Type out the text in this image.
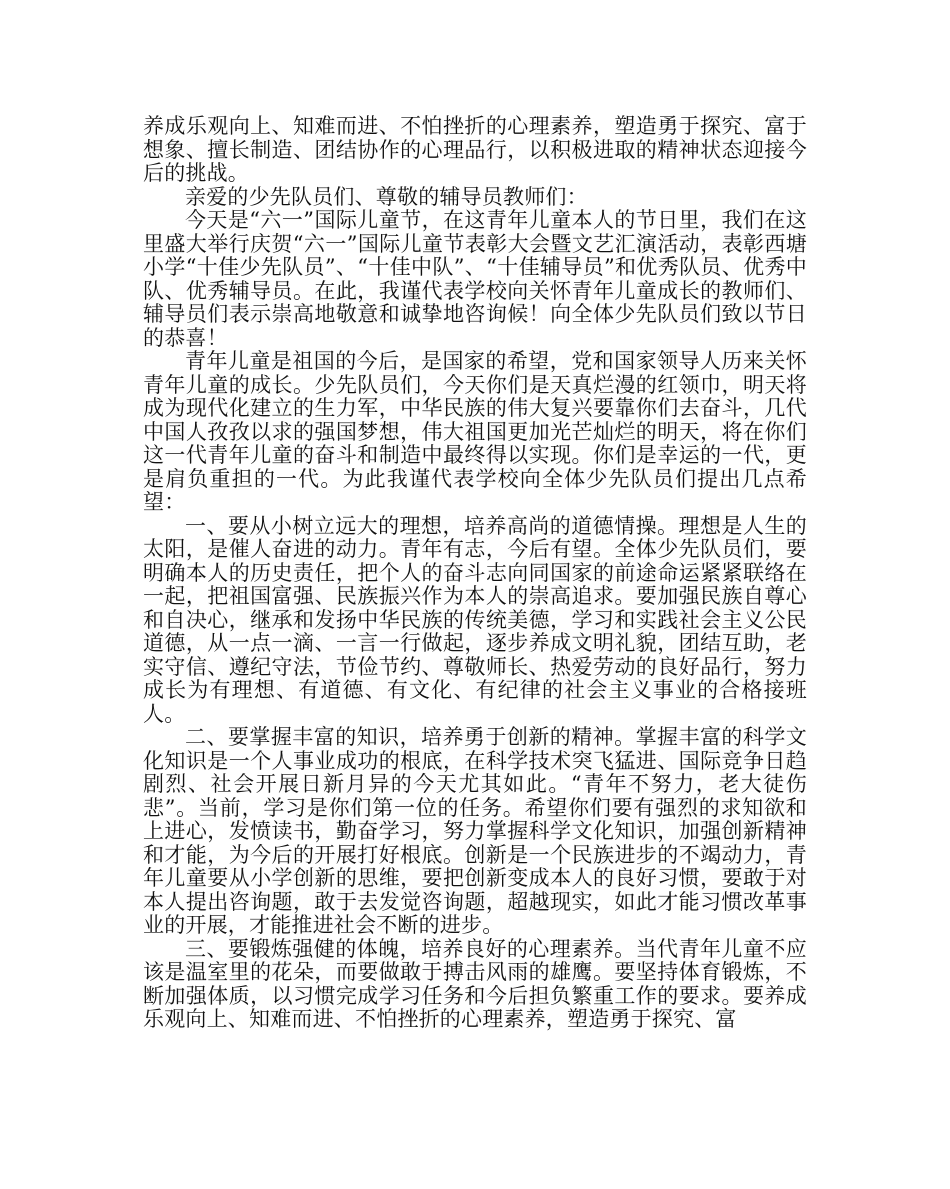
养成乐观向上、知难而进、不怕挫折的心理素养，塑造勇于探究、富于想象、擅长制造、团结协作的心理品行，以积极进取的精神状态迎接今后的挑战。

亲爱的少先队员们、尊敬的辅导员教师们：

今天是“六一”国际儿童节，在这青年儿童本人的节日里，我们在这里盛大举行庆贺“六一”国际儿童节表彰大会暨文艺汇演活动，表彰西塘小学“十佳少先队员”、“十佳中队”、“十佳辅导员”和优秀队员、优秀中队、优秀辅导员。在此，我谨代表学校向关怀青年儿童成长的教师们、辅导员们表示崇高地敬意和诚挚地咨询候！向全体少先队员们致以节日的恭喜！

青年儿童是祖国的今后，是国家的希望，党和国家领导人历来关怀青年儿童的成长。少先队员们，今天你们是天真烂漫的红领巾，明天将成为现代化建立的生力军，中华民族的伟大复兴要靠你们去奋斗，几代中国人孜孜以求的强国梦想，伟大祖国更加光芒灿烂的明天，将在你们这一代青年儿童的奋斗和制造中最终得以实现。你们是幸运的一代，更是肩负重担的一代。为此我谨代表学校向全体少先队员们提出几点希望：

一、要从小树立远大的理想，培养高尚的道德情操。理想是人生的太阳，是催人奋进的动力。青年有志，今后有望。全体少先队员们，要明确本人的历史责任，把个人的奋斗志向同国家的前途命运紧紧联络在一起，把祖国富强、民族振兴作为本人的崇高追求。要加强民族自尊心和自决心，继承和发扬中华民族的传统美德，学习和实践社会主义公民道德，从一点一滴、一言一行做起，逐步养成文明礼貌，团结互助，老实守信、遵纪守法，节俭节约、尊敬师长、热爱劳动的良好品行，努力成长为有理想、有道德、有文化、有纪律的社会主义事业的合格接班人。

二、要掌握丰富的知识，培养勇于创新的精神。掌握丰富的科学文化知识是一个人事业成功的根底，在科学技术突飞猛进、国际竞争日趋剧烈、社会开展日新月异的今天尤其如此。“青年不努力，老大徒伤悲”。当前，学习是你们第一位的任务。希望你们要有强烈的求知欲和上进心，发愤读书，勤奋学习，努力掌握科学文化知识，加强创新精神和才能，为今后的开展打好根底。创新是一个民族进步的不竭动力，青年儿童要从小学创新的思维，要把创新变成本人的良好习惯，要敢于对本人提出咨询题，敢于去发觉咨询题，超越现实，如此才能习惯改革事业的开展，才能推进社会不断的进步。

三、要锻炼强健的体魄，培养良好的心理素养。当代青年儿童不应该是温室里的花朵，而要做敢于搏击风雨的雄鹰。要坚持体育锻炼，不断加强体质，以习惯完成学习任务和今后担负繁重工作的要求。要养成乐观向上、知难而进、不怕挫折的心理素养，塑造勇于探究、富
